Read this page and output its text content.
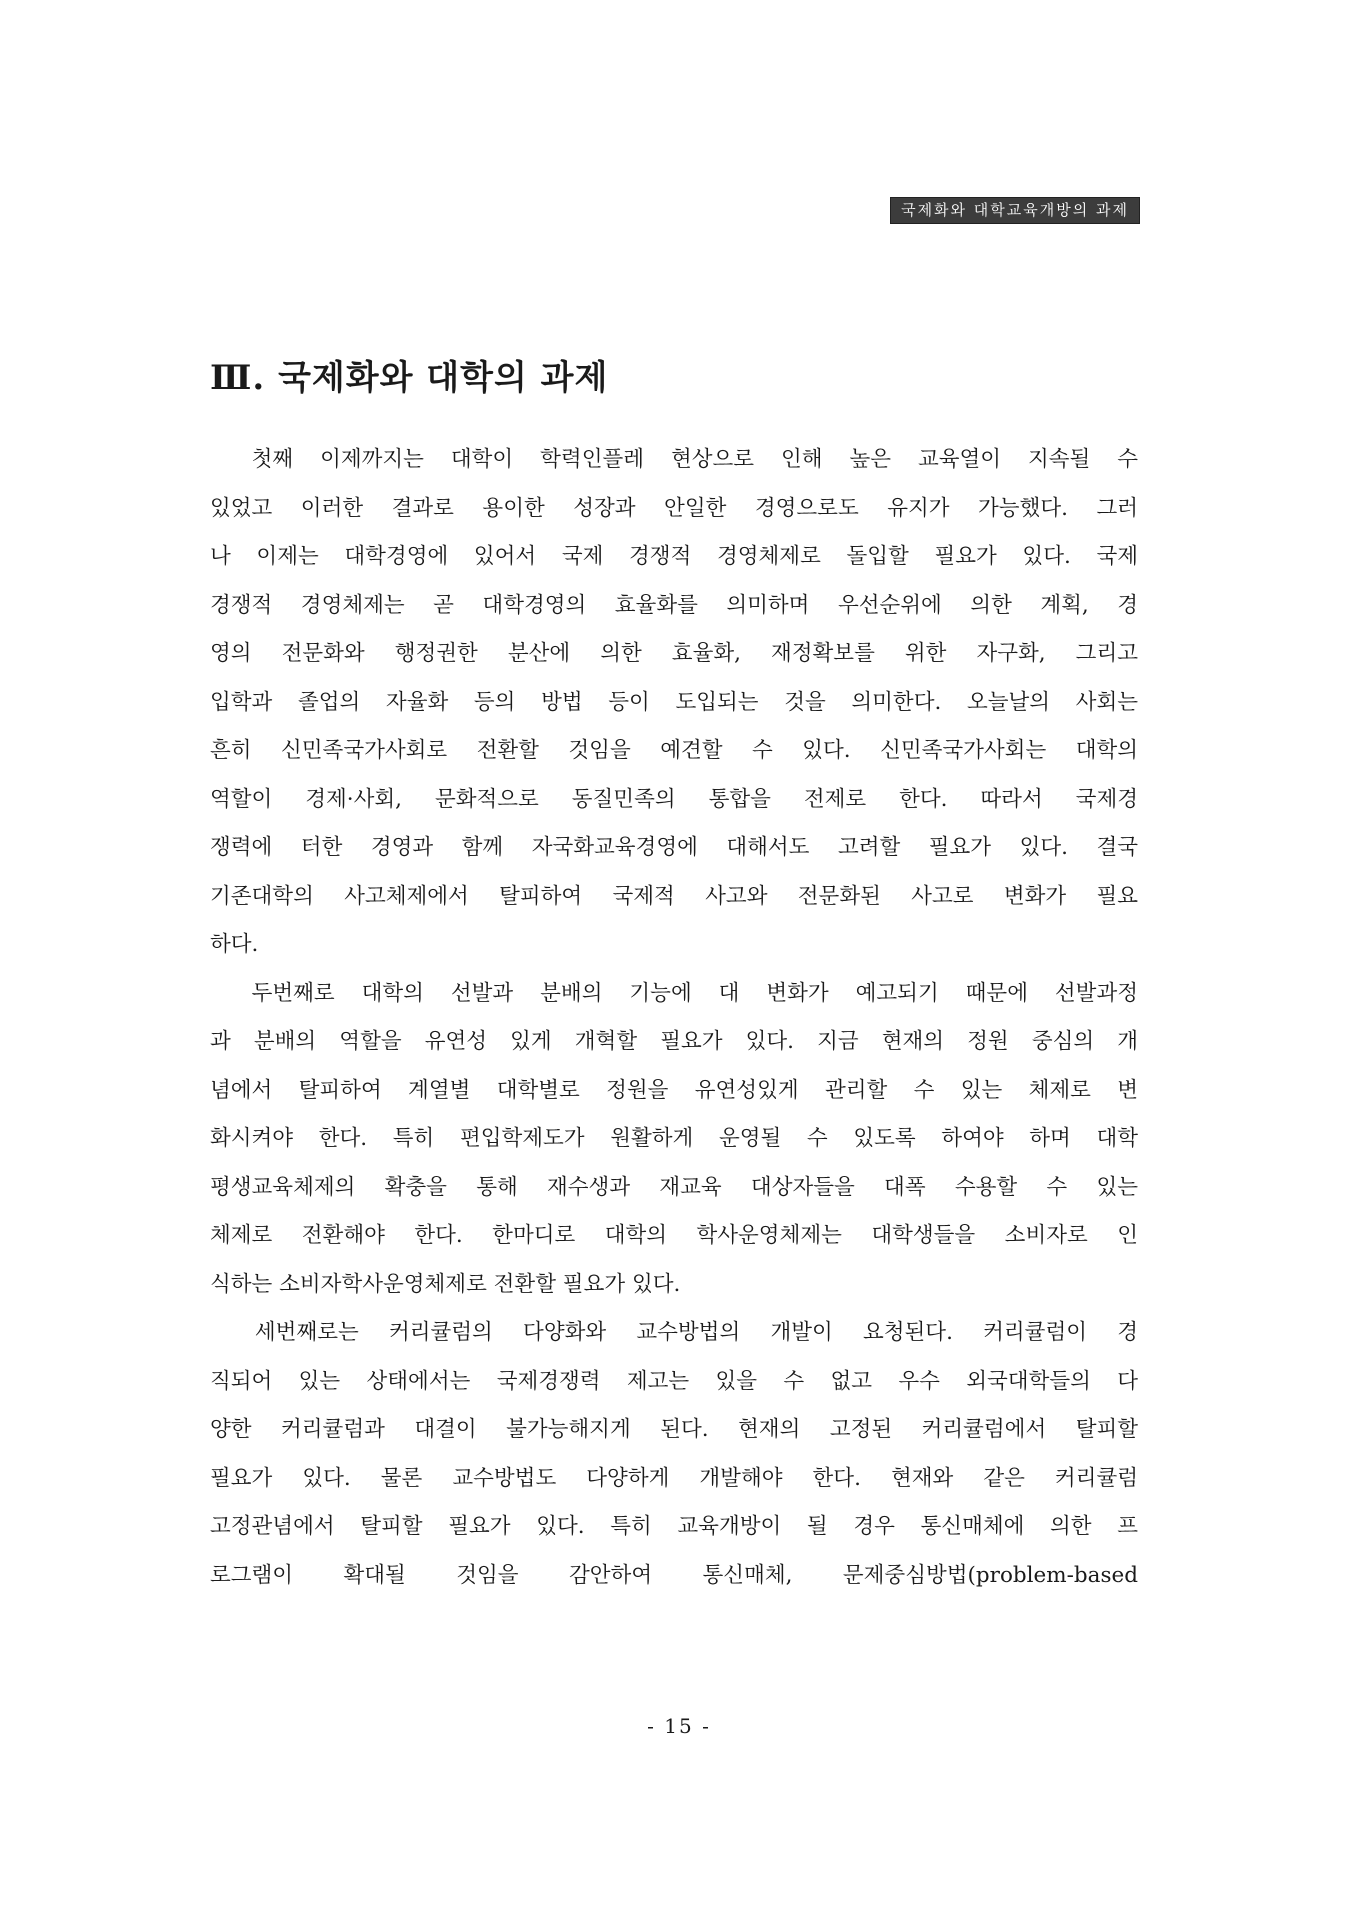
국제화와 대학교육개방의 과제
Ⅲ. 국제화와 대학의 과제
　첫째 이제까지는 대학이 학력인플레 현상으로 인해 높은 교육열이 지속될 수
있었고 이러한 결과로 용이한 성장과 안일한 경영으로도 유지가 가능했다. 그러
나 이제는 대학경영에 있어서 국제 경쟁적 경영체제로 돌입할 필요가 있다. 국제
경쟁적 경영체제는 곧 대학경영의 효율화를 의미하며 우선순위에 의한 계획, 경
영의 전문화와 행정권한 분산에 의한 효율화, 재정확보를 위한 자구화, 그리고
입학과 졸업의 자율화 등의 방법 등이 도입되는 것을 의미한다. 오늘날의 사회는
흔히 신민족국가사회로 전환할 것임을 예견할 수 있다. 신민족국가사회는 대학의
역할이 경제·사회, 문화적으로 동질민족의 통합을 전제로 한다. 따라서 국제경
쟁력에 터한 경영과 함께 자국화교육경영에 대해서도 고려할 필요가 있다. 결국
기존대학의 사고체제에서 탈피하여 국제적 사고와 전문화된 사고로 변화가 필요
하다.
　두번째로 대학의 선발과 분배의 기능에 대 변화가 예고되기 때문에 선발과정
과 분배의 역할을 유연성 있게 개혁할 필요가 있다. 지금 현재의 정원 중심의 개
념에서 탈피하여 계열별 대학별로 정원을 유연성있게 관리할 수 있는 체제로 변
화시켜야 한다. 특히 편입학제도가 원활하게 운영될 수 있도록 하여야 하며 대학
평생교육체제의 확충을 통해 재수생과 재교육 대상자들을 대폭 수용할 수 있는
체제로 전환해야 한다. 한마디로 대학의 학사운영체제는 대학생들을 소비자로 인
식하는 소비자학사운영체제로 전환할 필요가 있다.
　세번째로는 커리큘럼의 다양화와 교수방법의 개발이 요청된다. 커리큘럼이 경
직되어 있는 상태에서는 국제경쟁력 제고는 있을 수 없고 우수 외국대학들의 다
양한 커리큘럼과 대결이 불가능해지게 된다. 현재의 고정된 커리큘럼에서 탈피할
필요가 있다. 물론 교수방법도 다양하게 개발해야 한다. 현재와 같은 커리큘럼
고정관념에서 탈피할 필요가 있다. 특히 교육개방이 될 경우 통신매체에 의한 프
로그램이 확대될 것임을 감안하여 통신매체, 문제중심방법(problem-based
- 15 -
